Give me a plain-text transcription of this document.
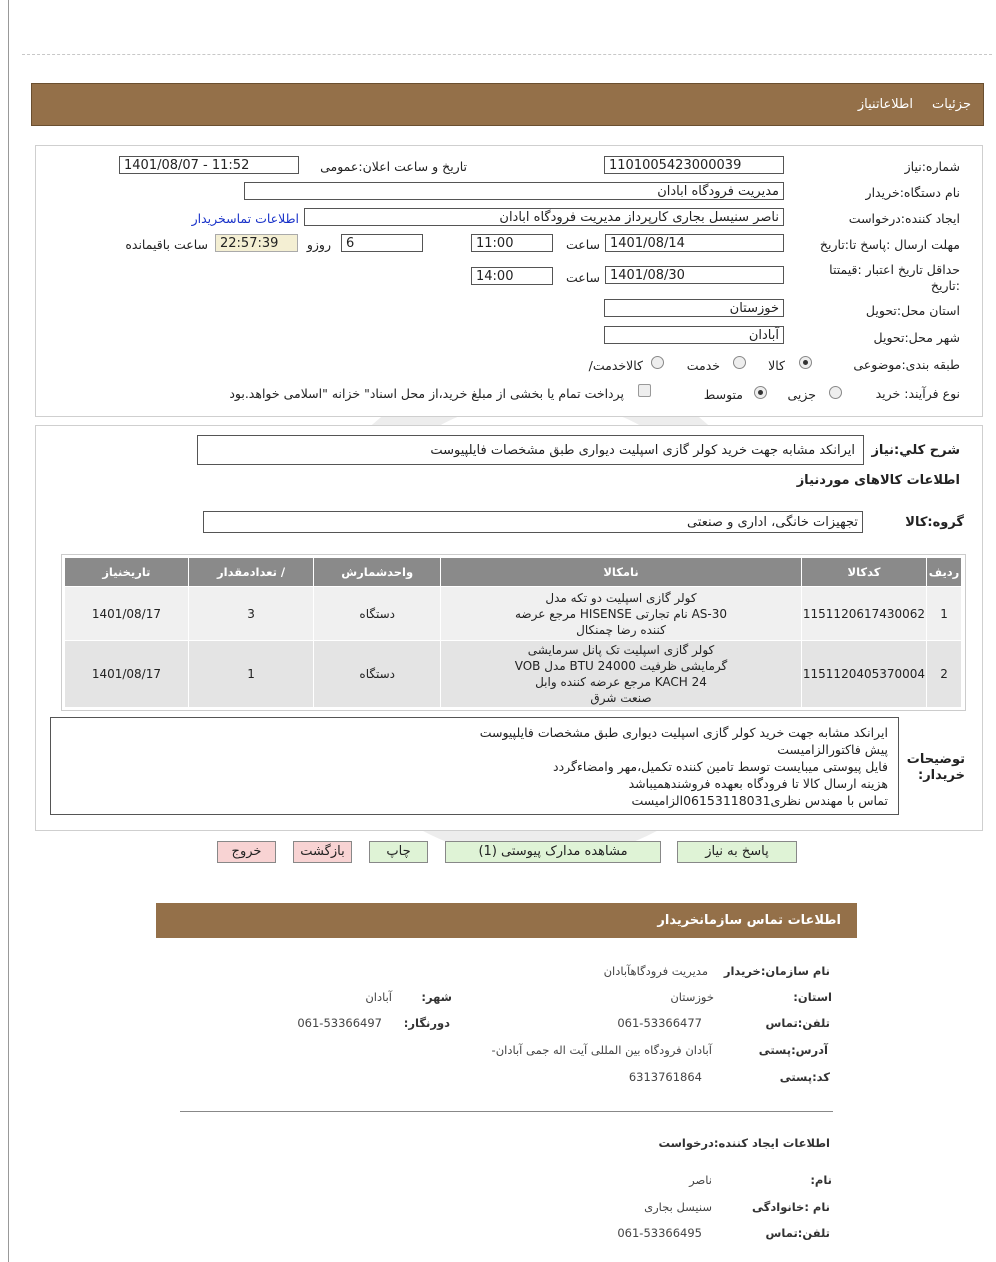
جزئیات
اطلاعاتنیاز
شماره:نیاز
1101005423000039
تاریخ و ساعت اعلان:عمومی
1401/08/07 - 11:52
نام دستگاه:خریدار
مدیریت فرودگاه ابادان
ایجاد کننده:درخواست
ناصر سنیسل بجاری کارپرداز مدیریت فرودگاه ابادان
اطلاعات تماسخریدار
مهلت ارسال :پاسخ تا:تاریخ
1401/08/14
ساعت
11:00
6
روزو
22:57:39
ساعت باقیمانده
حداقل تاریخ اعتبار :قیمتتا
تاریخ:
1401/08/30
ساعت
14:00
استان محل:تحویل
خوزستان
شهر محل:تحویل
آبادان
طبقه بندی:موضوعی
کالا
خدمت
/کالاخدمت
نوع فرآیند: خرید
جزیی
متوسط
پرداخت تمام یا بخشی از مبلغ خرید،از محل اسناد" خزانه "اسلامی خواهد.بود
شرح کلي:نیاز
ایرانکد مشابه جهت خرید کولر گازی اسپلیت دیواری طبق مشخصات فایلپیوست
اطلاعات کالاهای موردنیاز
گروه:کالا
تجهیزات خانگی، اداری و صنعتی
ردیف	کدکالا	نامکالا	واحدشمارش	/ تعدادمقدار	تاریخنیاز
1	1151120617430062	کولر گازی اسپلیت دو تکه مدل
AS-30 نام تجارتی HISENSE مرجع عرضه
کننده رضا چمنکال	دستگاه	3	1401/08/17
2	1151120405370004	کولر گازی اسپلیت تک پانل سرمایشی
گرمایشی ظرفیت 24000 BTU مدل VOB
24 KACH مرجع عرضه کننده وابل
صنعت شرق	دستگاه	1	1401/08/17
توضیحات
:خریدار
ایرانکد مشابه جهت خرید کولر گازی اسپلیت دیواری طبق مشخصات فایلپیوست
پیش فاکتورالزامیست
فایل پیوستی میبایست توسط تامین کننده تکمیل،مهر وامضاءگردد
هزینه ارسال کالا تا فرودگاه بعهده فروشندهمیباشد
تماس با مهندس نظری06153118031الزامیست
پاسخ به نیاز
مشاهده مدارک پیوستی (1)
چاپ
بازگشت
خروج
اطلاعات تماس سازمانخریدار
نام سازمان:خریدار
مدیریت فرودگاهآبادان
:استان
خوزستان
:شهر
آبادان
تلفن:تماس
061-53366477
:دورنگار
061-53366497
آدرس:پستی
-آبادان فرودگاه بین المللی آیت اله جمی آبادان
کد:پستی
6313761864
اطلاعات ایجاد کننده:درخواست
:نام
ناصر
نام :خانوادگی
سنیسل بجاری
تلفن:تماس
061-53366495
